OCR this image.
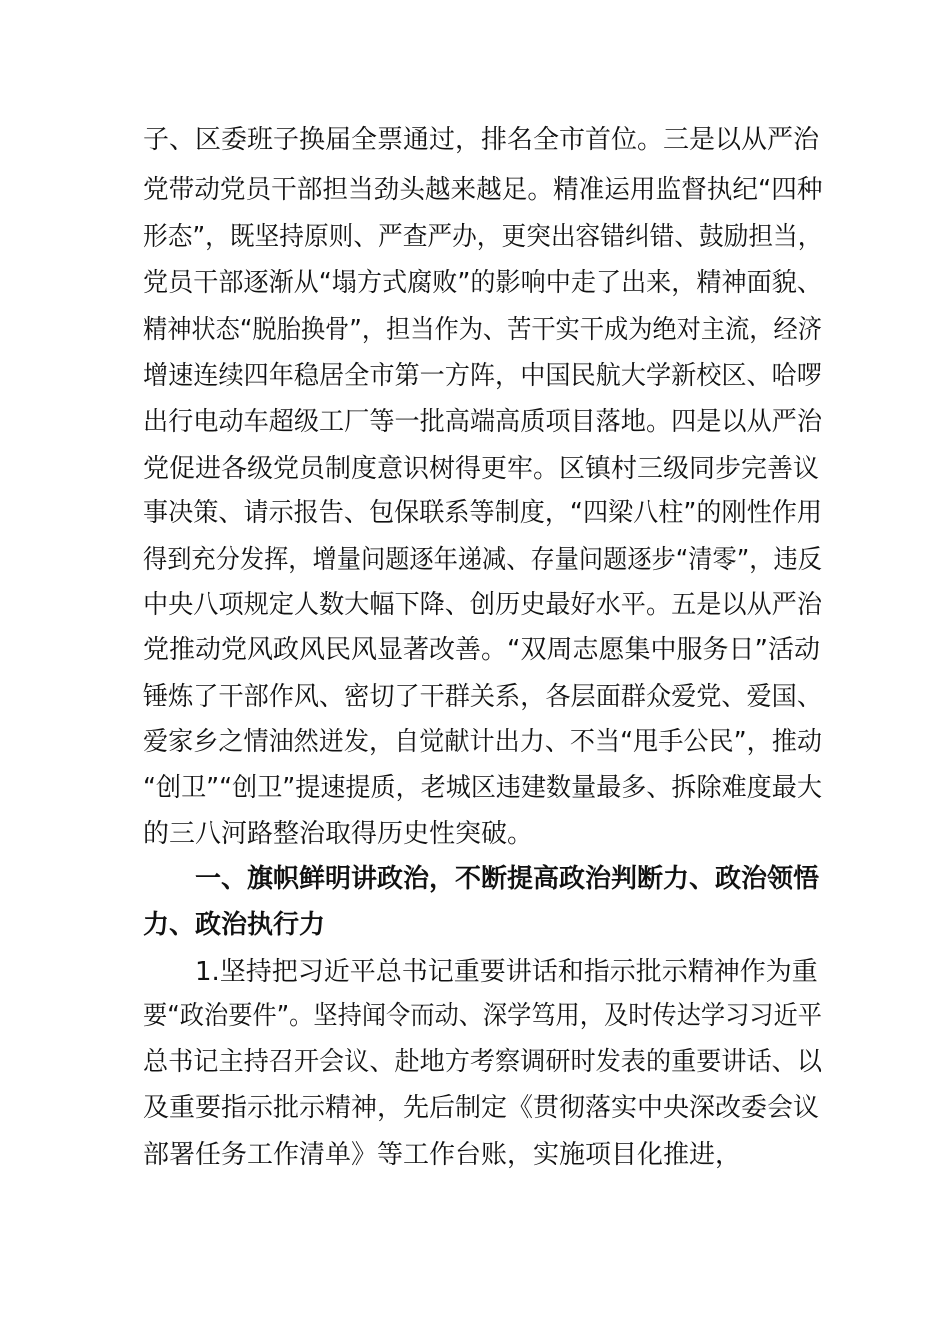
子、区委班子换届全票通过，排名全市首位。三是以从严治
党带动党员干部担当劲头越来越足。精准运用监督执纪“四种
形态”，既坚持原则、严查严办，更突出容错纠错、鼓励担当，
党员干部逐渐从“塌方式腐败”的影响中走了出来，精神面貌、
精神状态“脱胎换骨”，担当作为、苦干实干成为绝对主流，经济
增速连续四年稳居全市第一方阵，中国民航大学新校区、哈啰
出行电动车超级工厂等一批高端高质项目落地。四是以从严治
党促进各级党员制度意识树得更牢。区镇村三级同步完善议
事决策、请示报告、包保联系等制度，“四梁八柱”的刚性作用
得到充分发挥，增量问题逐年递减、存量问题逐步“清零”，违反
中央八项规定人数大幅下降、创历史最好水平。五是以从严治
党推动党风政风民风显著改善。“双周志愿集中服务日”活动
锤炼了干部作风、密切了干群关系，各层面群众爱党、爱国、
爱家乡之情油然迸发，自觉献计出力、不当“甩手公民”，推动
“创卫”“创卫”提速提质，老城区违建数量最多、拆除难度最大
的三八河路整治取得历史性突破。
一、旗帜鲜明讲政治，不断提高政治判断力、政治领悟
力、政治执行力
1.坚持把习近平总书记重要讲话和指示批示精神作为重
要“政治要件”。坚持闻令而动、深学笃用，及时传达学习习近平
总书记主持召开会议、赴地方考察调研时发表的重要讲话、以
及重要指示批示精神，先后制定《贯彻落实中央深改委会议
部署任务工作清单》等工作台账，实施项目化推进，
